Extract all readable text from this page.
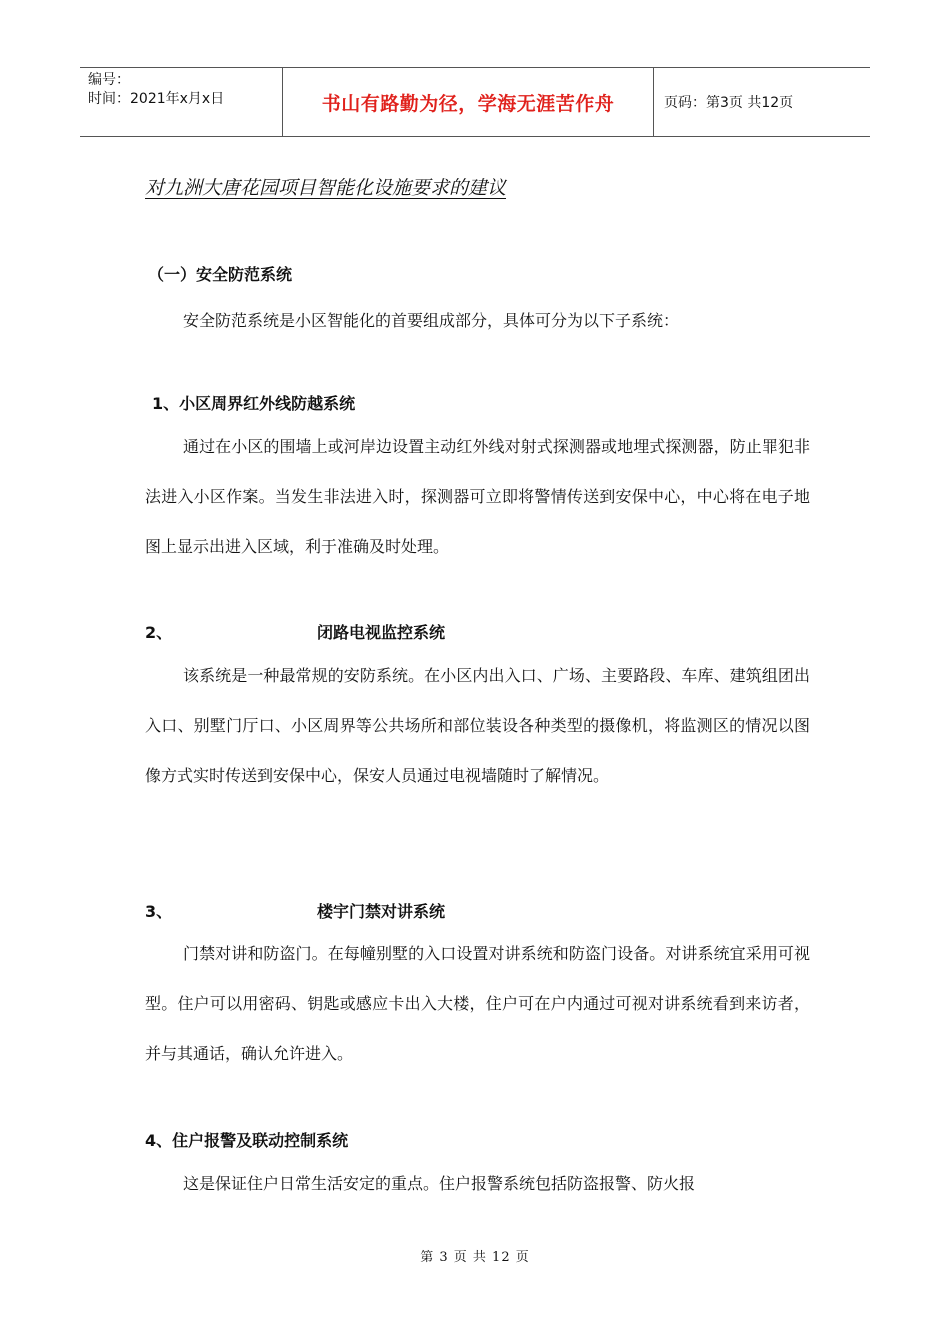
编号：
时间：2021年x月x日	书山有路勤为径，学海无涯苦作舟	页码：第3页 共12页
对九洲大唐花园项目智能化设施要求的建议
（一）安全防范系统
安全防范系统是小区智能化的首要组成部分，具体可分为以下子系统：
1、小区周界红外线防越系统
通过在小区的围墙上或河岸边设置主动红外线对射式探测器或地埋式探测器，防止罪犯非法进入小区作案。当发生非法进入时，探测器可立即将警情传送到安保中心，中心将在电子地图上显示出进入区域，利于准确及时处理。
2、	闭路电视监控系统
该系统是一种最常规的安防系统。在小区内出入口、广场、主要路段、车库、建筑组团出入口、别墅门厅口、小区周界等公共场所和部位装设各种类型的摄像机，将监测区的情况以图像方式实时传送到安保中心，保安人员通过电视墙随时了解情况。
3、	楼宇门禁对讲系统
门禁对讲和防盗门。在每幢别墅的入口设置对讲系统和防盗门设备。对讲系统宜采用可视型。住户可以用密码、钥匙或感应卡出入大楼，住户可在户内通过可视对讲系统看到来访者，并与其通话，确认允许进入。
4、住户报警及联动控制系统
这是保证住户日常生活安定的重点。住户报警系统包括防盗报警、防火报
第 3 页 共 12 页
